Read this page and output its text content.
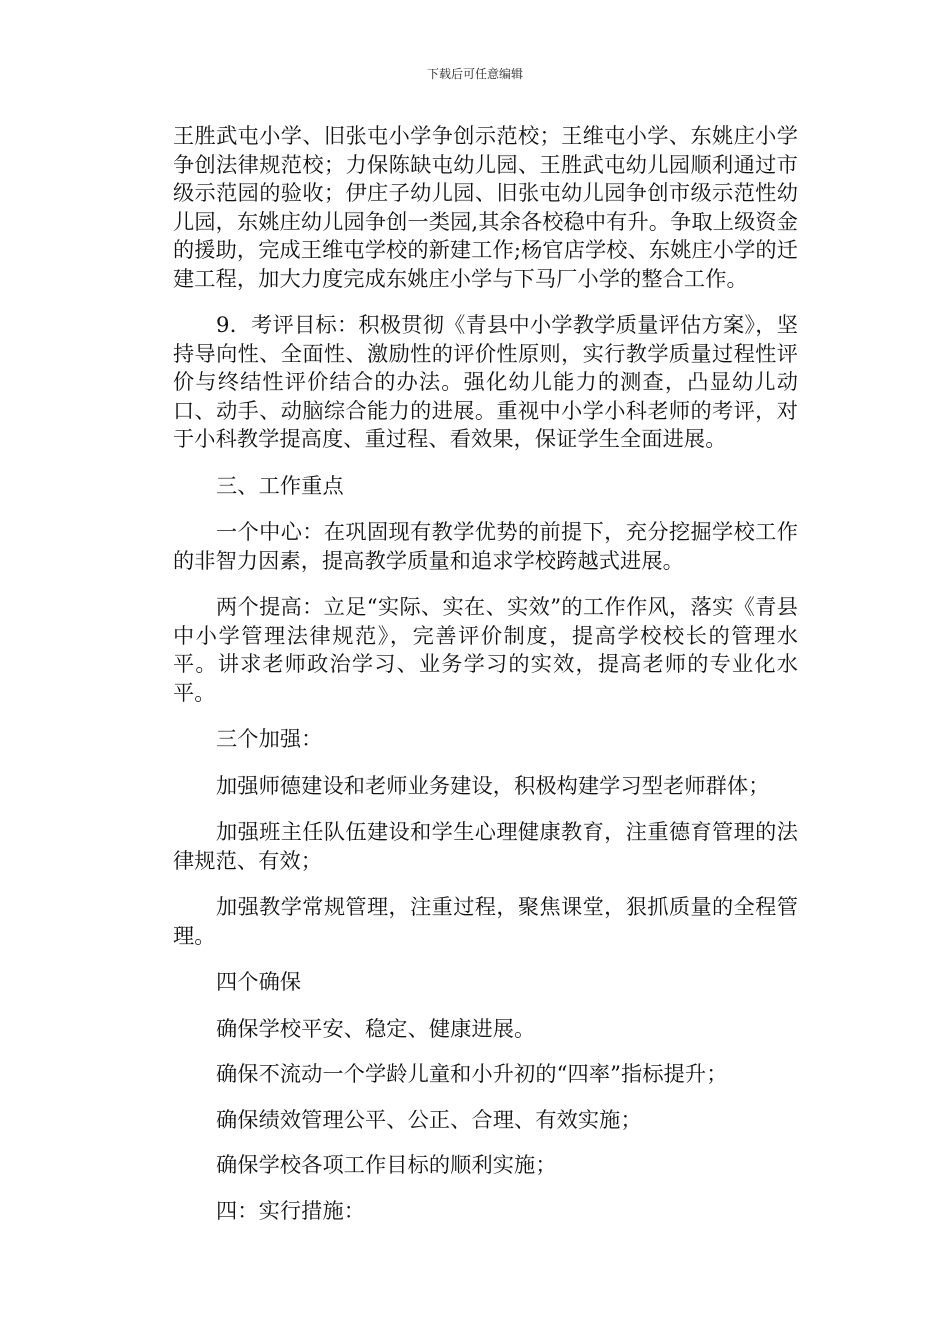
下载后可任意编辑

王胜武屯小学、旧张屯小学争创示范校；王维屯小学、东姚庄小学争创法律规范校；力保陈缺屯幼儿园、王胜武屯幼儿园顺利通过市级示范园的验收；伊庄子幼儿园、旧张屯幼儿园争创市级示范性幼儿园，东姚庄幼儿园争创一类园,其余各校稳中有升。争取上级资金的援助，完成王维屯学校的新建工作;杨官店学校、东姚庄小学的迁建工程，加大力度完成东姚庄小学与下马厂小学的整合工作。

9．考评目标：积极贯彻《青县中小学教学质量评估方案》，坚持导向性、全面性、激励性的评价性原则，实行教学质量过程性评价与终结性评价结合的办法。强化幼儿能力的测查，凸显幼儿动口、动手、动脑综合能力的进展。重视中小学小科老师的考评，对于小科教学提高度、重过程、看效果，保证学生全面进展。

三、工作重点

一个中心：在巩固现有教学优势的前提下，充分挖掘学校工作的非智力因素，提高教学质量和追求学校跨越式进展。

两个提高：立足“实际、实在、实效”的工作作风，落实《青县中小学管理法律规范》，完善评价制度，提高学校校长的管理水平。讲求老师政治学习、业务学习的实效，提高老师的专业化水平。

三个加强：

加强师德建设和老师业务建设，积极构建学习型老师群体；

加强班主任队伍建设和学生心理健康教育，注重德育管理的法律规范、有效；

加强教学常规管理，注重过程，聚焦课堂，狠抓质量的全程管理。

四个确保

确保学校平安、稳定、健康进展。

确保不流动一个学龄儿童和小升初的“四率”指标提升；

确保绩效管理公平、公正、合理、有效实施；

确保学校各项工作目标的顺利实施；

四：实行措施：
